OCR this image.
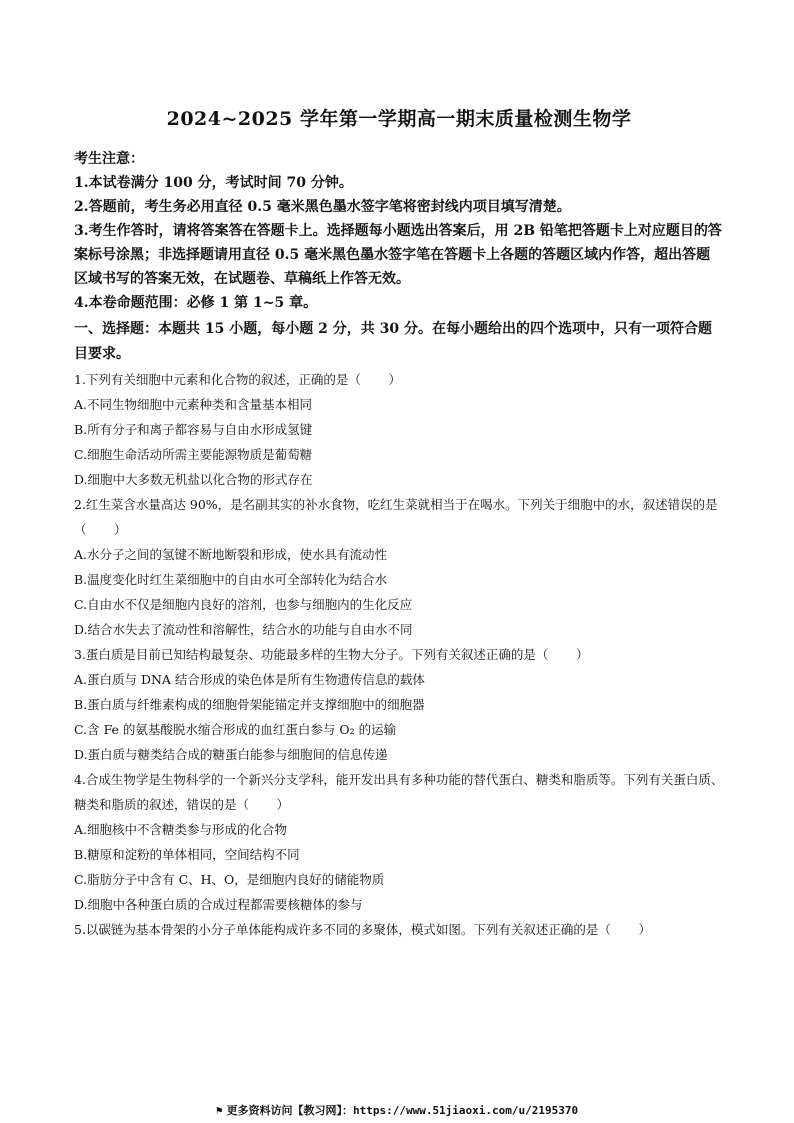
2024~2025 学年第一学期高一期末质量检测生物学
考生注意：
1.本试卷满分 100 分，考试时间 70 分钟。
2.答题前，考生务必用直径 0.5 毫米黑色墨水签字笔将密封线内项目填写清楚。
3.考生作答时，请将答案答在答题卡上。选择题每小题选出答案后，用 2B 铅笔把答题卡上对应题目的答案标号涂黑；非选择题请用直径 0.5 毫米黑色墨水签字笔在答题卡上各题的答题区域内作答，超出答题区域书写的答案无效，在试题卷、草稿纸上作答无效。
4.本卷命题范围：必修 1 第 1~5 章。
一、选择题：本题共 15 小题，每小题 2 分，共 30 分。在每小题给出的四个选项中，只有一项符合题目要求。
1.下列有关细胞中元素和化合物的叙述，正确的是（ ）
A.不同生物细胞中元素种类和含量基本相同
B.所有分子和离子都容易与自由水形成氢键
C.细胞生命活动所需主要能源物质是葡萄糖
D.细胞中大多数无机盐以化合物的形式存在
2.红生菜含水量高达 90%，是名副其实的补水食物，吃红生菜就相当于在喝水。下列关于细胞中的水，叙述错误的是（ ）
A.水分子之间的氢键不断地断裂和形成，使水具有流动性
B.温度变化时红生菜细胞中的自由水可全部转化为结合水
C.自由水不仅是细胞内良好的溶剂，也参与细胞内的生化反应
D.结合水失去了流动性和溶解性，结合水的功能与自由水不同
3.蛋白质是目前已知结构最复杂、功能最多样的生物大分子。下列有关叙述正确的是（ ）
A.蛋白质与 DNA 结合形成的染色体是所有生物遗传信息的载体
B.蛋白质与纤维素构成的细胞骨架能锚定并支撑细胞中的细胞器
C.含 Fe 的氨基酸脱水缩合形成的血红蛋白参与 O₂ 的运输
D.蛋白质与糖类结合成的糖蛋白能参与细胞间的信息传递
4.合成生物学是生物科学的一个新兴分支学科，能开发出具有多种功能的替代蛋白、糖类和脂质等。下列有关蛋白质、糖类和脂质的叙述，错误的是（ ）
A.细胞核中不含糖类参与形成的化合物
B.糖原和淀粉的单体相同，空间结构不同
C.脂肪分子中含有 C、H、O，是细胞内良好的储能物质
D.细胞中各种蛋白质的合成过程都需要核糖体的参与
5.以碳链为基本骨架的小分子单体能构成许多不同的多聚体，模式如图。下列有关叙述正确的是（ ）
⚑ 更多资料访问【教习网】：https://www.51jiaoxi.com/u/2195370
